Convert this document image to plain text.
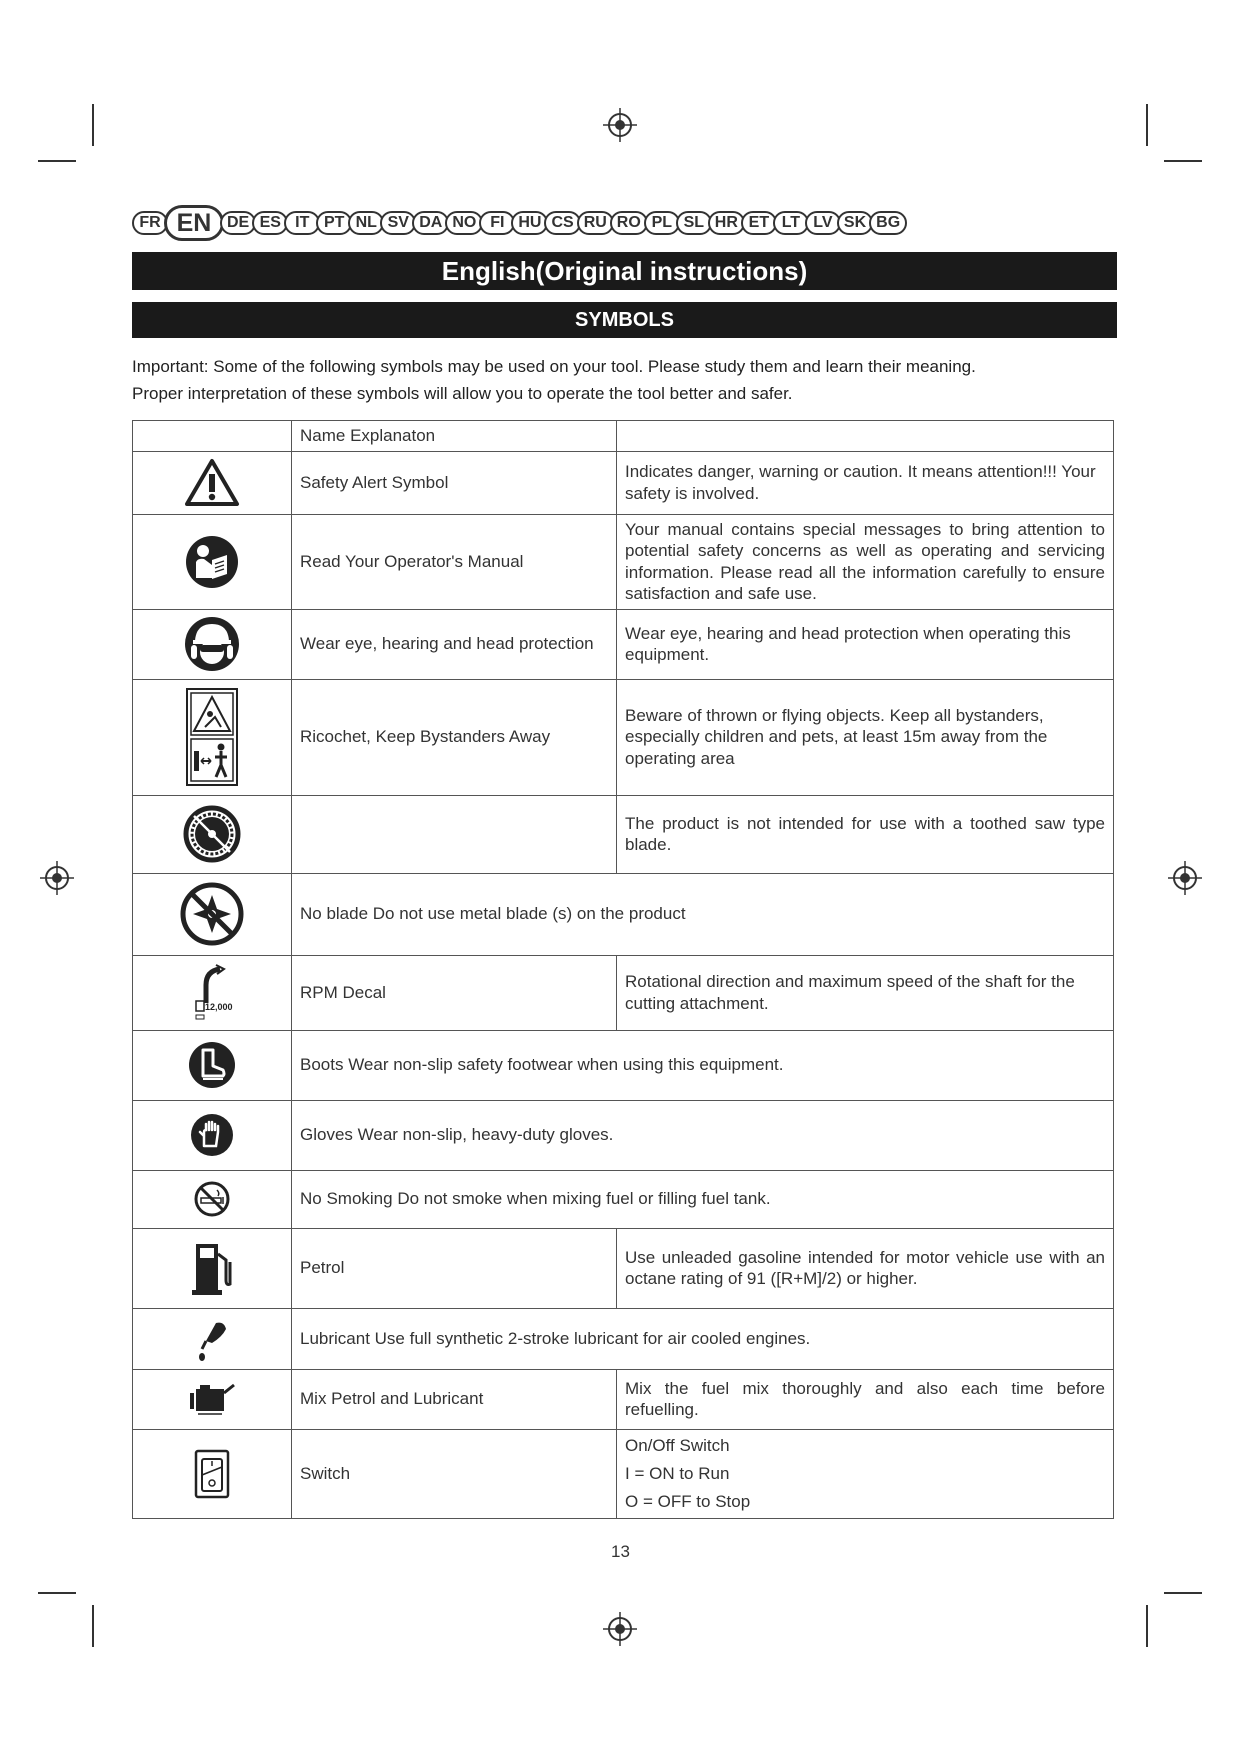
FR EN DE ES IT PT NL SV DA NO FI HU CS RU RO PL SL HR ET LT LV SK BG
English(Original instructions)
SYMBOLS
Important: Some of the following symbols may be used on your tool. Please study them and learn their meaning.
Proper interpretation of these symbols will allow you to operate the tool better and safer.
	Name Explanaton	

	Safety Alert Symbol	Indicates danger, warning or caution. It means attention!!! Your safety is involved.

	Read Your Operator's Manual	Your manual contains special messages to bring attention to potential safety concerns as well as operating and servicing information. Please read all the information carefully to ensure satisfaction and safe use.

	Wear eye, hearing and head protection	Wear eye, hearing and head protection when operating this equipment.

	Ricochet, Keep Bystanders Away	Beware of thrown or flying objects. Keep all bystanders, especially children and pets, at least 15m away from the operating area

		The product is not intended for use with a toothed saw type blade.

	No blade Do not use metal blade (s) on the product	

12,000	RPM Decal	Rotational direction and maximum speed of the shaft for the cutting attachment.

	Boots Wear non-slip safety footwear when using this equipment.	

	Gloves Wear non-slip, heavy-duty gloves.	

	No Smoking Do not smoke when mixing fuel or filling fuel tank.	

	Petrol	Use unleaded gasoline intended for motor vehicle use with an octane rating of 91 ([R+M]/2) or higher.

	Lubricant Use full synthetic 2-stroke lubricant for air cooled engines.	

	Mix Petrol and Lubricant	Mix the fuel mix thoroughly and also each time before refuelling.

	Switch	On/Off Switch
I = ON to Run
O = OFF to Stop
13
